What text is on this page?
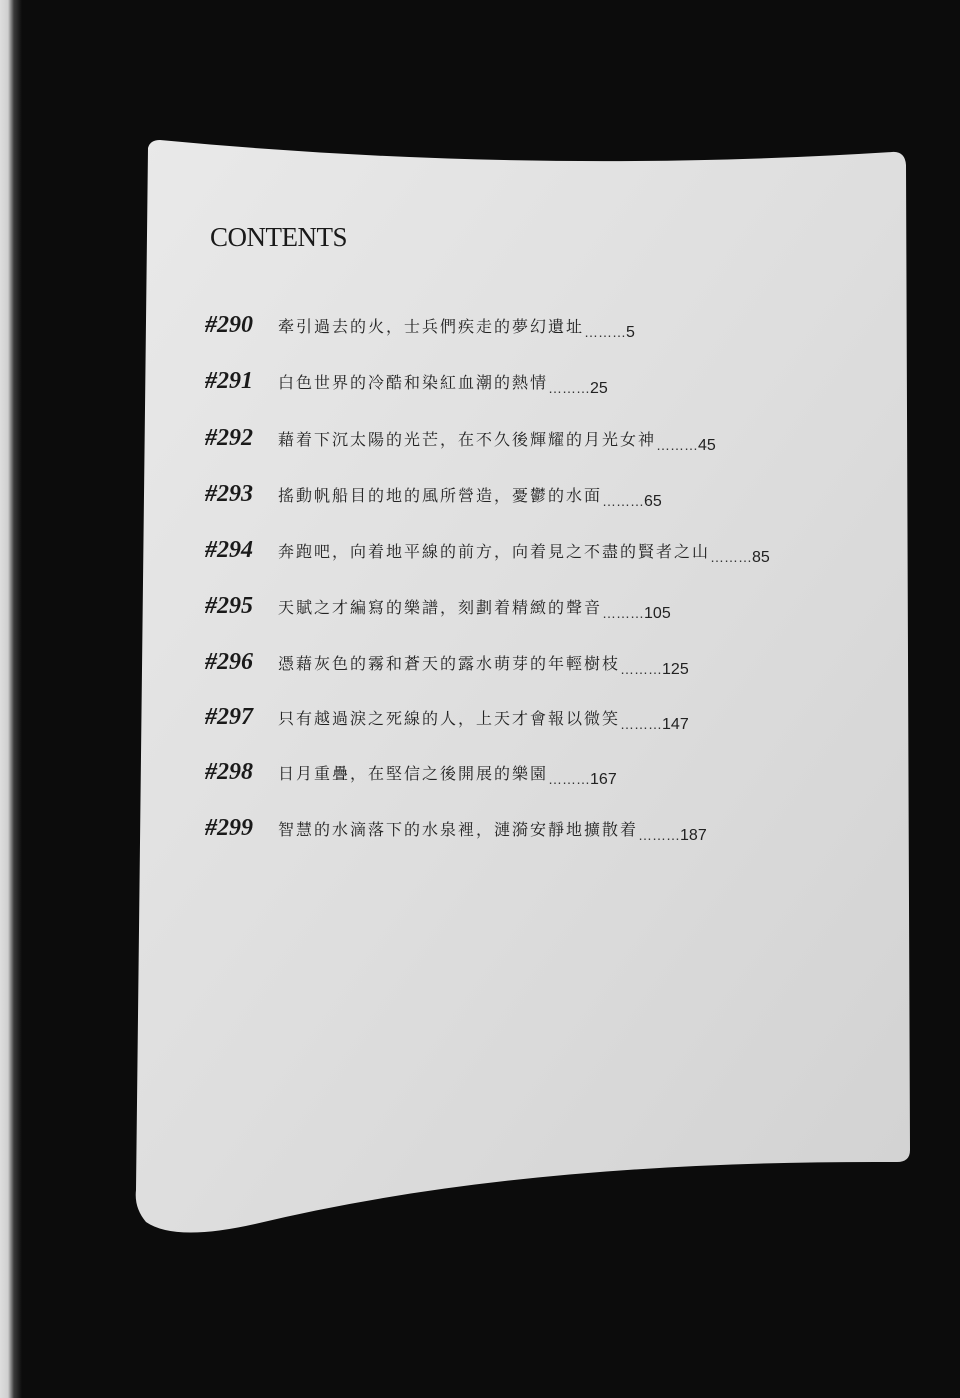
CONTENTS
#290 牽引過去的火，士兵們疾走的夢幻遺址………5
#291 白色世界的冷酷和染紅血潮的熱情………25
#292 藉着下沉太陽的光芒，在不久後輝耀的月光女神………45
#293 搖動帆船目的地的風所營造，憂鬱的水面………65
#294 奔跑吧，向着地平線的前方，向着見之不盡的賢者之山………85
#295 天賦之才編寫的樂譜，刻劃着精緻的聲音………105
#296 憑藉灰色的霧和蒼天的露水萌芽的年輕樹枝………125
#297 只有越過淚之死線的人，上天才會報以微笑………147
#298 日月重疊，在堅信之後開展的樂園………167
#299 智慧的水滴落下的水泉裡，漣漪安靜地擴散着………187
